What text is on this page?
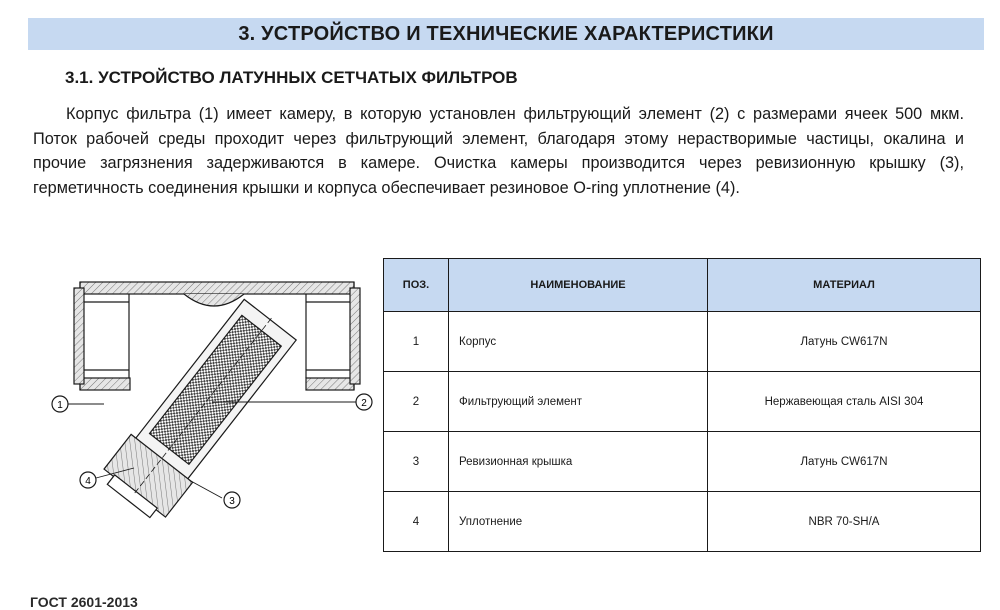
3. УСТРОЙСТВО И ТЕХНИЧЕСКИЕ ХАРАКТЕРИСТИКИ
3.1. УСТРОЙСТВО ЛАТУННЫХ СЕТЧАТЫХ ФИЛЬТРОВ
Корпус фильтра (1) имеет камеру, в которую установлен фильтрующий элемент (2) с размерами ячеек 500 мкм. Поток рабочей среды проходит через фильтрующий элемент, благодаря этому нерастворимые частицы, окалина и прочие загрязнения задерживаются в камере. Очистка камеры производится через ревизионную крышку (3), герметичность соединения крышки и корпуса обеспечивает резиновое O-ring уплотнение (4).
1	2
3
4
ПОЗ.	НАИМЕНОВАНИЕ	МАТЕРИАЛ
1	Корпус	Латунь CW617N
2	Фильтрующий элемент	Нержавеющая сталь AISI 304
3	Ревизионная крышка	Латунь CW617N
4	Уплотнение	NBR 70-SH/A
ГОСТ 2601-2013
